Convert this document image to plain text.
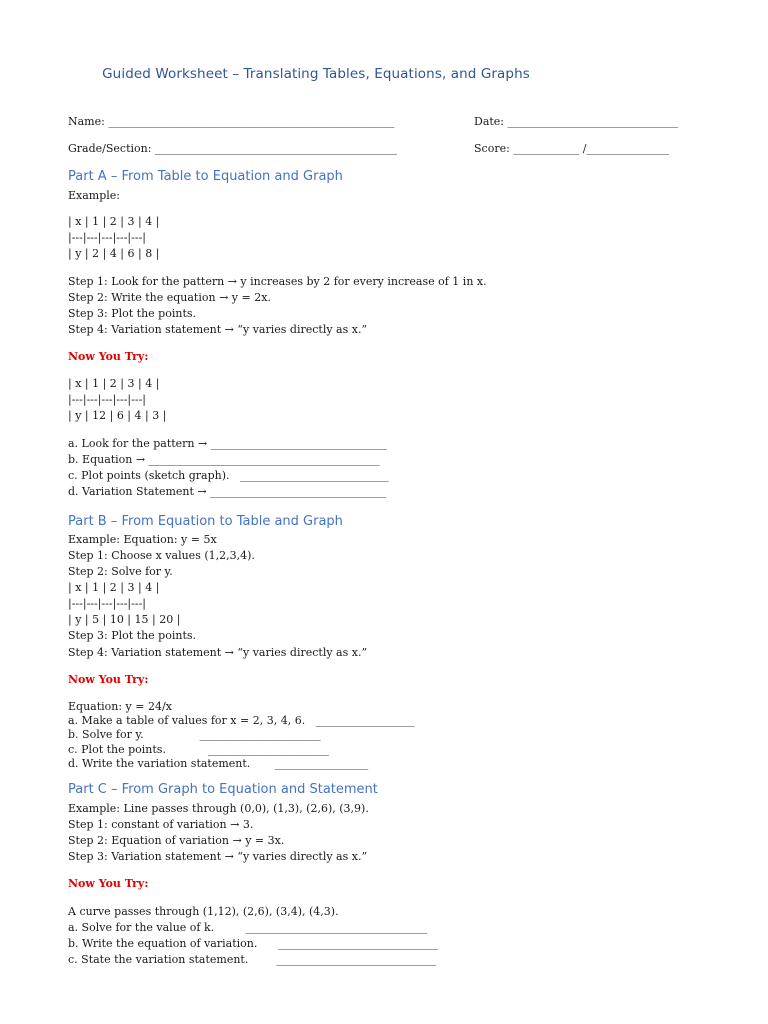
Guided Worksheet – Translating Tables, Equations, and Graphs
Name: ____________________________________________________	Date: _______________________________
Grade/Section: ____________________________________________	Score: ____________ /_______________
Part A – From Table to Equation and Graph
Example:
| x | 1 | 2 | 3 | 4 |
|---|---|---|---|---|
| y | 2 | 4 | 6 | 8 |
Step 1: Look for the pattern → y increases by 2 for every increase of 1 in x.
Step 2: Write the equation → y = 2x.
Step 3: Plot the points.
Step 4: Variation statement → “y varies directly as x.”
Now You Try:
| x | 1 | 2 | 3 | 4 |
|---|---|---|---|---|
| y | 12 | 6 | 4 | 3 |
a. Look for the pattern → ________________________________
b. Equation → __________________________________________
c. Plot points (sketch graph).   ___________________________
d. Variation Statement → ________________________________
Part B – From Equation to Table and Graph
Example: Equation: y = 5x
Step 1: Choose x values (1,2,3,4).
Step 2: Solve for y.
| x | 1 | 2 | 3 | 4 |
|---|---|---|---|---|
| y | 5 | 10 | 15 | 20 |
Step 3: Plot the points.
Step 4: Variation statement → “y varies directly as x.”
Now You Try:
Equation: y = 24/x
a. Make a table of values for x = 2, 3, 4, 6.   __________________
b. Solve for y.                ______________________
c. Plot the points.            ______________________
d. Write the variation statement.       _________________
Part C – From Graph to Equation and Statement
Example: Line passes through (0,0), (1,3), (2,6), (3,9).
Step 1: constant of variation → 3.
Step 2: Equation of variation → y = 3x.
Step 3: Variation statement → “y varies directly as x.”
Now You Try:
A curve passes through (1,12), (2,6), (3,4), (4,3).
a. Solve for the value of k.         _________________________________
b. Write the equation of variation.      _____________________________
c. State the variation statement.        _____________________________
